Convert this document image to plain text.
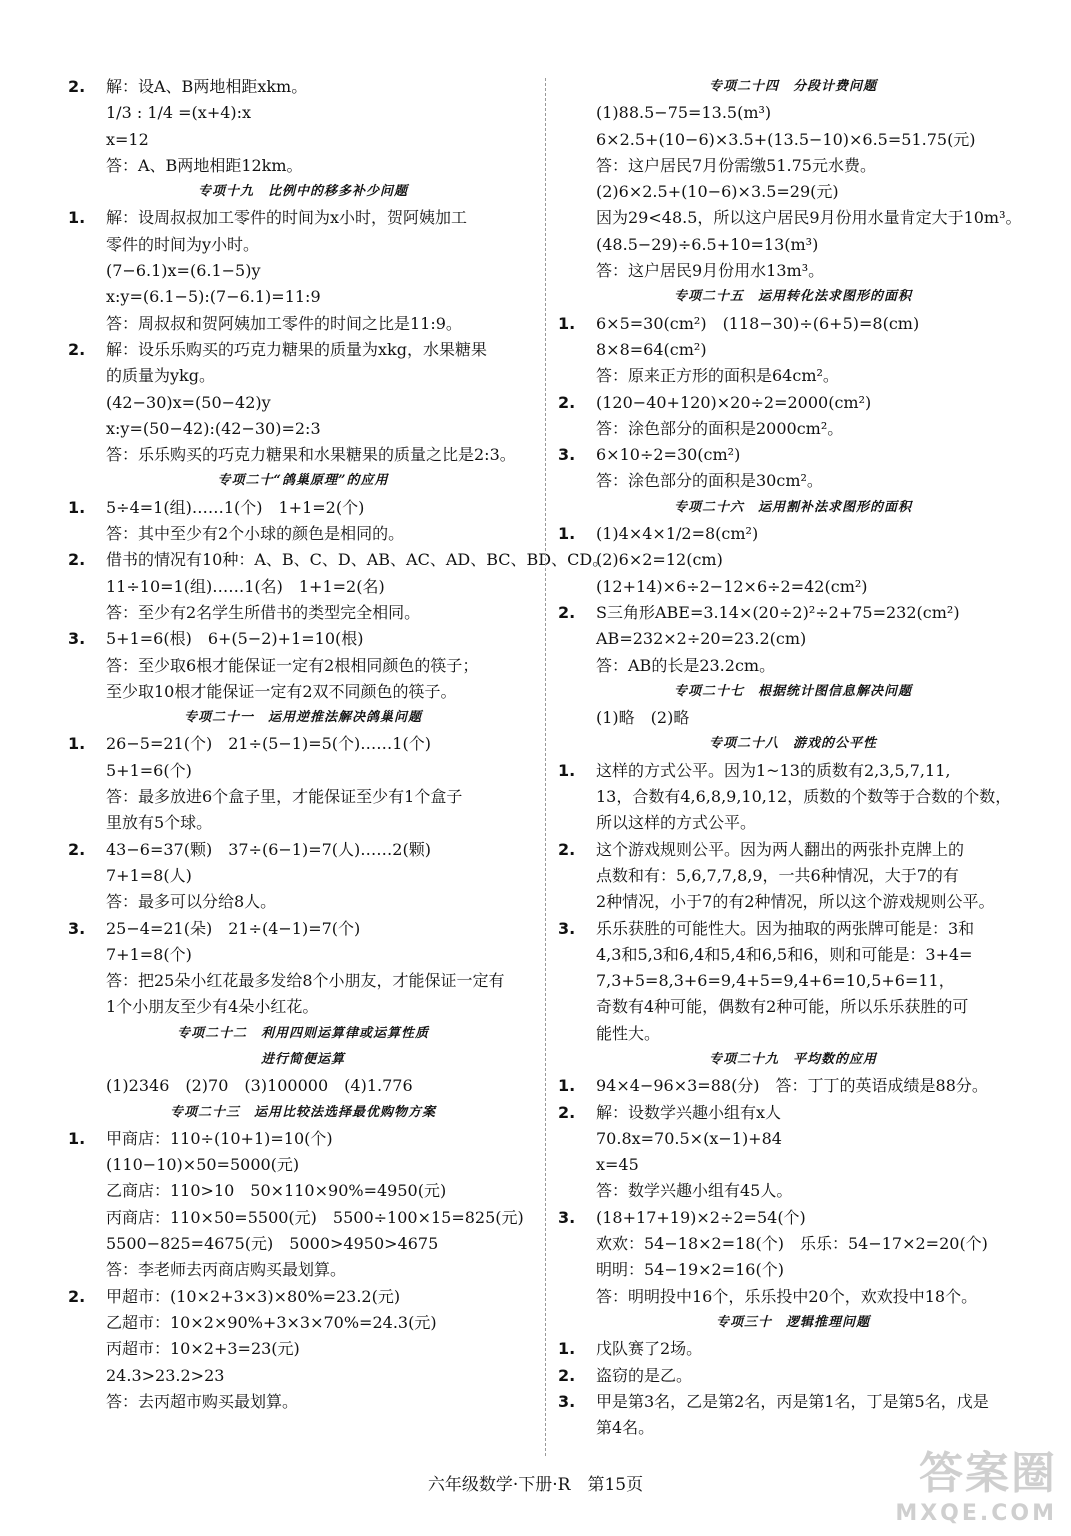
2. 解：设A、B两地相距xkm。
1/3 : 1/4 =(x+4):x
x=12
答：A、B两地相距12km。
专项十九　比例中的移多补少问题
1. 解：设周叔叔加工零件的时间为x小时，贺阿姨加工
零件的时间为y小时。
(7−6.1)x=(6.1−5)y
x:y=(6.1−5):(7−6.1)=11:9
答：周叔叔和贺阿姨加工零件的时间之比是11:9。
2. 解：设乐乐购买的巧克力糖果的质量为xkg，水果糖果
的质量为ykg。
(42−30)x=(50−42)y
x:y=(50−42):(42−30)=2:3
答：乐乐购买的巧克力糖果和水果糖果的质量之比是2:3。
专项二十“鸽巢原理”的应用
1. 5÷4=1(组)……1(个)　1+1=2(个)
答：其中至少有2个小球的颜色是相同的。
2. 借书的情况有10种：A、B、C、D、AB、AC、AD、BC、BD、CD。
11÷10=1(组)……1(名)　1+1=2(名)
答：至少有2名学生所借书的类型完全相同。
3. 5+1=6(根)　6+(5−2)+1=10(根)
答：至少取6根才能保证一定有2根相同颜色的筷子；
至少取10根才能保证一定有2双不同颜色的筷子。
专项二十一　运用逆推法解决鸽巢问题
1. 26−5=21(个)　21÷(5−1)=5(个)……1(个)
5+1=6(个)
答：最多放进6个盒子里，才能保证至少有1个盒子
里放有5个球。
2. 43−6=37(颗)　37÷(6−1)=7(人)……2(颗)
7+1=8(人)
答：最多可以分给8人。
3. 25−4=21(朵)　21÷(4−1)=7(个)
7+1=8(个)
答：把25朵小红花最多发给8个小朋友，才能保证一定有
1个小朋友至少有4朵小红花。
专项二十二　利用四则运算律或运算性质
进行简便运算
(1)2346　(2)70　(3)100000　(4)1.776
专项二十三　运用比较法选择最优购物方案
1. 甲商店：110÷(10+1)=10(个)
(110−10)×50=5000(元)
乙商店：110>10　50×110×90%=4950(元)
丙商店：110×50=5500(元)　5500÷100×15=825(元)
5500−825=4675(元)　5000>4950>4675
答：李老师去丙商店购买最划算。
2. 甲超市：(10×2+3×3)×80%=23.2(元)
乙超市：10×2×90%+3×3×70%=24.3(元)
丙超市：10×2+3=23(元)
24.3>23.2>23
答：去丙超市购买最划算。
专项二十四　分段计费问题
(1)88.5−75=13.5(m³)
6×2.5+(10−6)×3.5+(13.5−10)×6.5=51.75(元)
答：这户居民7月份需缴51.75元水费。
(2)6×2.5+(10−6)×3.5=29(元)
因为29<48.5，所以这户居民9月份用水量肯定大于10m³。
(48.5−29)÷6.5+10=13(m³)
答：这户居民9月份用水13m³。
专项二十五　运用转化法求图形的面积
1. 6×5=30(cm²)　(118−30)÷(6+5)=8(cm)
8×8=64(cm²)
答：原来正方形的面积是64cm²。
2. (120−40+120)×20÷2=2000(cm²)
答：涂色部分的面积是2000cm²。
3. 6×10÷2=30(cm²)
答：涂色部分的面积是30cm²。
专项二十六　运用割补法求图形的面积
1. (1)4×4×1/2=8(cm²)
(2)6×2=12(cm)
(12+14)×6÷2−12×6÷2=42(cm²)
2. S三角形ABE=3.14×(20÷2)²÷2+75=232(cm²)
AB=232×2÷20=23.2(cm)
答：AB的长是23.2cm。
专项二十七　根据统计图信息解决问题
(1)略　(2)略
专项二十八　游戏的公平性
1. 这样的方式公平。因为1~13的质数有2,3,5,7,11,
13，合数有4,6,8,9,10,12，质数的个数等于合数的个数，
所以这样的方式公平。
2. 这个游戏规则公平。因为两人翻出的两张扑克牌上的
点数和有：5,6,7,7,8,9，一共6种情况，大于7的有
2种情况，小于7的有2种情况，所以这个游戏规则公平。
3. 乐乐获胜的可能性大。因为抽取的两张牌可能是：3和
4,3和5,3和6,4和5,4和6,5和6，则和可能是：3+4=
7,3+5=8,3+6=9,4+5=9,4+6=10,5+6=11，
奇数有4种可能，偶数有2种可能，所以乐乐获胜的可
能性大。
专项二十九　平均数的应用
1. 94×4−96×3=88(分)　答：丁丁的英语成绩是88分。
2. 解：设数学兴趣小组有x人
70.8x=70.5×(x−1)+84
x=45
答：数学兴趣小组有45人。
3. (18+17+19)×2÷2=54(个)
欢欢：54−18×2=18(个)　乐乐：54−17×2=20(个)
明明：54−19×2=16(个)
答：明明投中16个，乐乐投中20个，欢欢投中18个。
专项三十　逻辑推理问题
1. 戊队赛了2场。
2. 盗窃的是乙。
3. 甲是第3名，乙是第2名，丙是第1名，丁是第5名，戊是
第4名。
六年级数学·下册·R　第15页	答案圈
MXQE.COM
